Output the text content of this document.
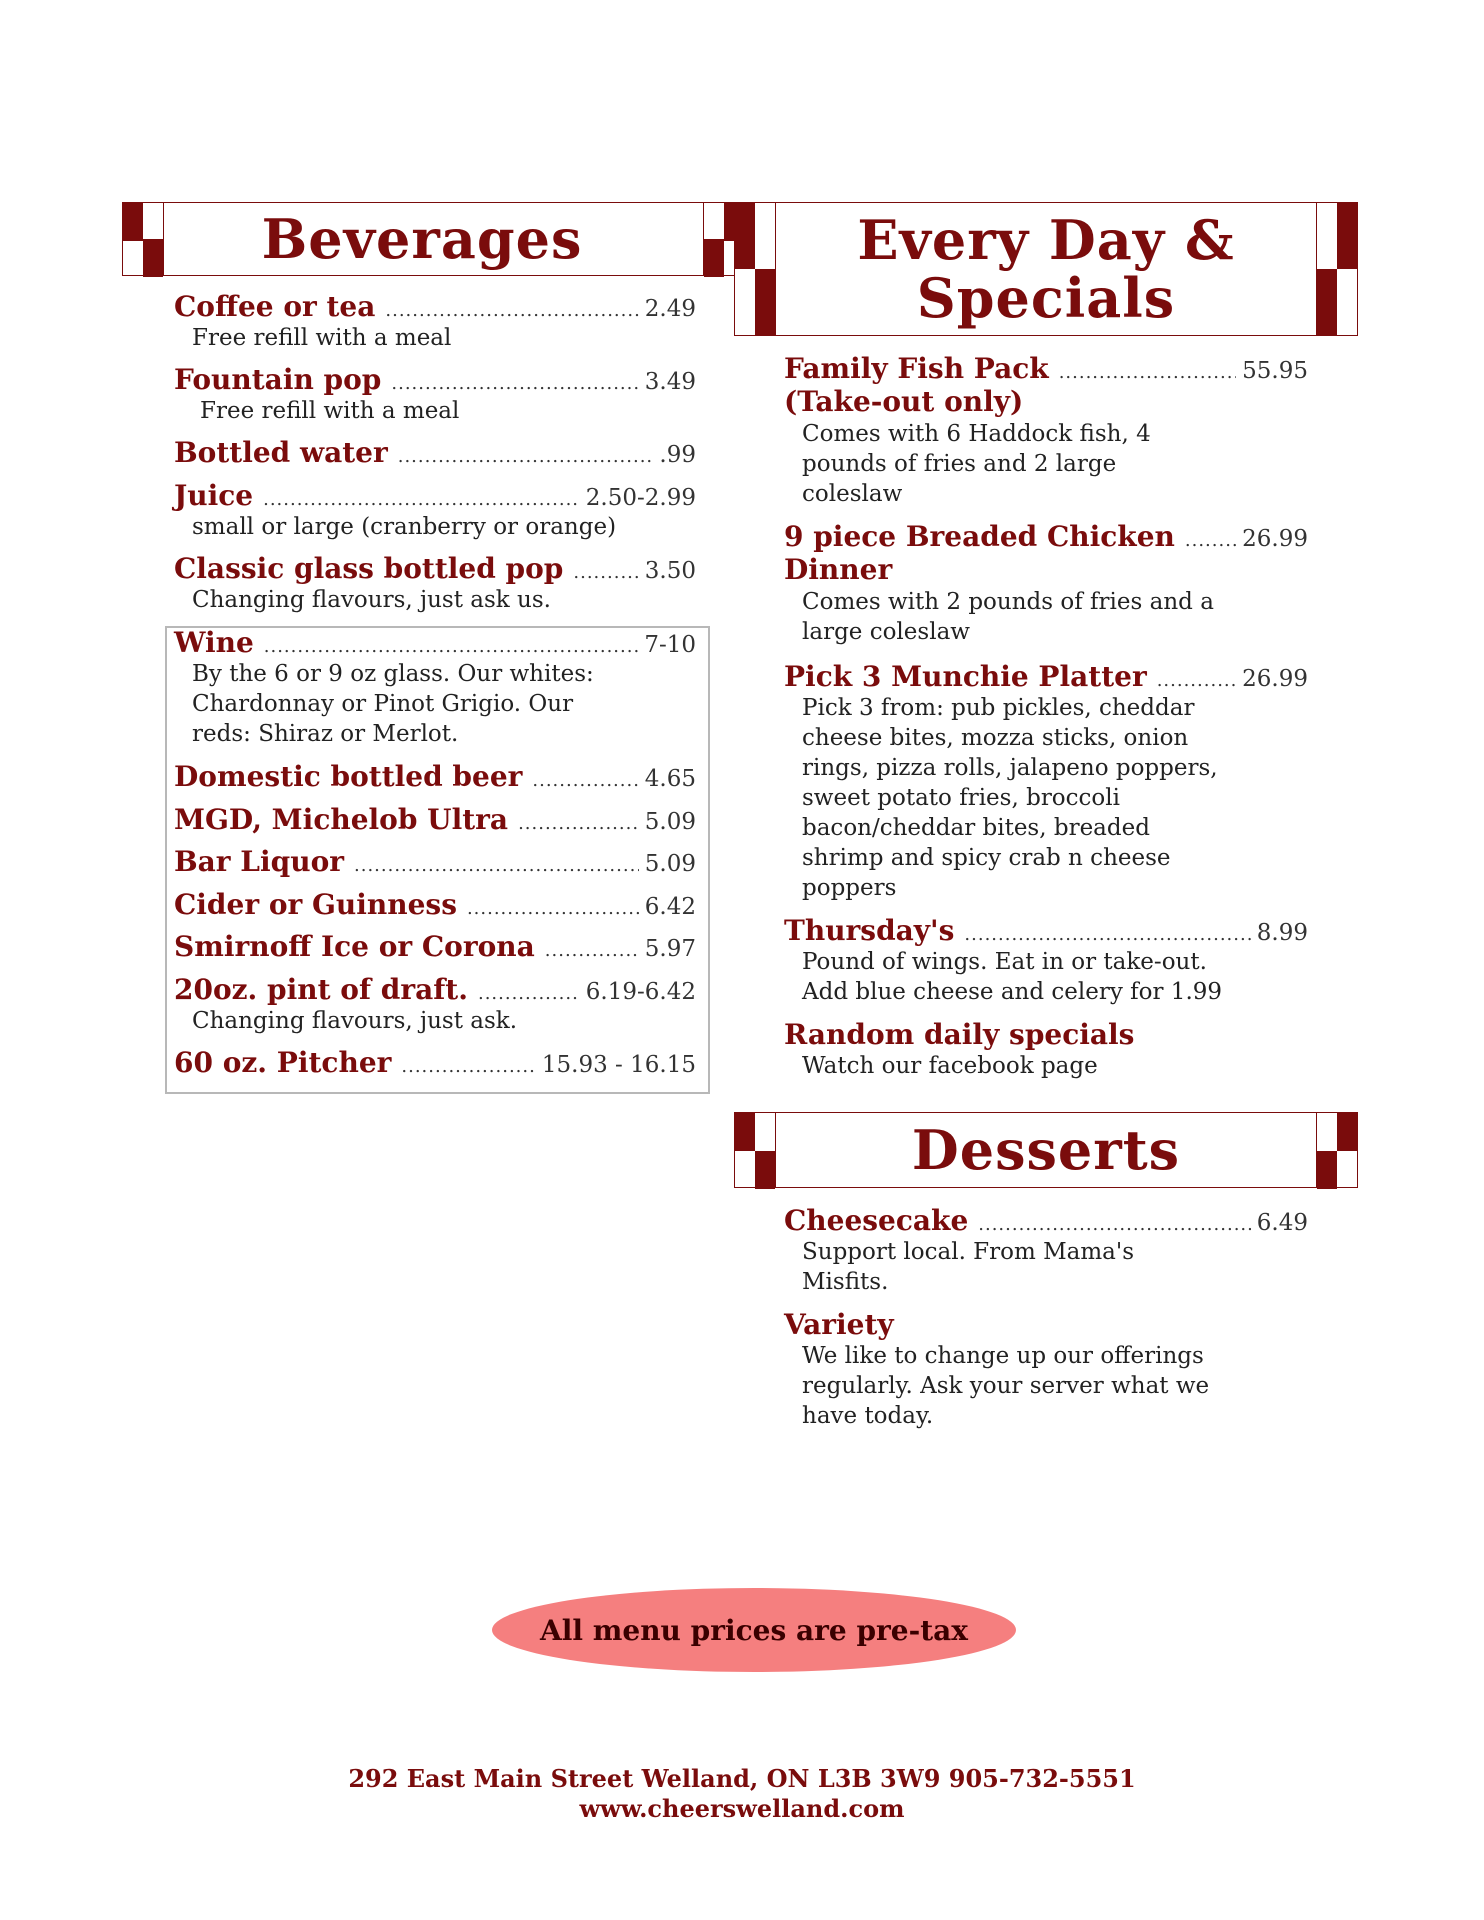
Beverages
Coffee or tea .....	2.49
Free refill with a meal
Fountain pop .....	3.49
Free refill with a meal
Bottled water .....	.99
Juice .....	2.50-2.99
small or large (cranberry or orange)
Classic glass bottled pop .....	3.50
Changing flavours, just ask us.
Wine .....	7-10
By the 6 or 9 oz glass. Our whites: Chardonnay or Pinot Grigio. Our reds: Shiraz or Merlot.
Domestic bottled beer .....	4.65
MGD, Michelob Ultra .....	5.09
Bar Liquor .....	5.09
Cider or Guinness .....	6.42
Smirnoff Ice or Corona .....	5.97
20oz. pint of draft. .....	6.19-6.42
Changing flavours, just ask.
60 oz. Pitcher .....	15.93 - 16.15
Every Day &
Specials
Family Fish Pack .....	55.95
(Take-out only)
Comes with 6 Haddock fish, 4 pounds of fries and 2 large coleslaw
9 piece Breaded Chicken .....	26.99
Dinner
Comes with 2 pounds of fries and a large coleslaw
Pick 3 Munchie Platter .....	26.99
Pick 3 from: pub pickles, cheddar cheese bites, mozza sticks, onion rings, pizza rolls, jalapeno poppers, sweet potato fries, broccoli bacon/cheddar bites, breaded shrimp and spicy crab n cheese poppers
Thursday's .....	8.99
Pound of wings. Eat in or take-out. Add blue cheese and celery for 1.99
Random daily specials
Watch our facebook page
Desserts
Cheesecake .....	6.49
Support local. From Mama's Misfits.
Variety
We like to change up our offerings regularly. Ask your server what we have today.
All menu prices are pre-tax
292 East Main Street Welland, ON L3B 3W9 905-732-5551
www.cheerswelland.com
